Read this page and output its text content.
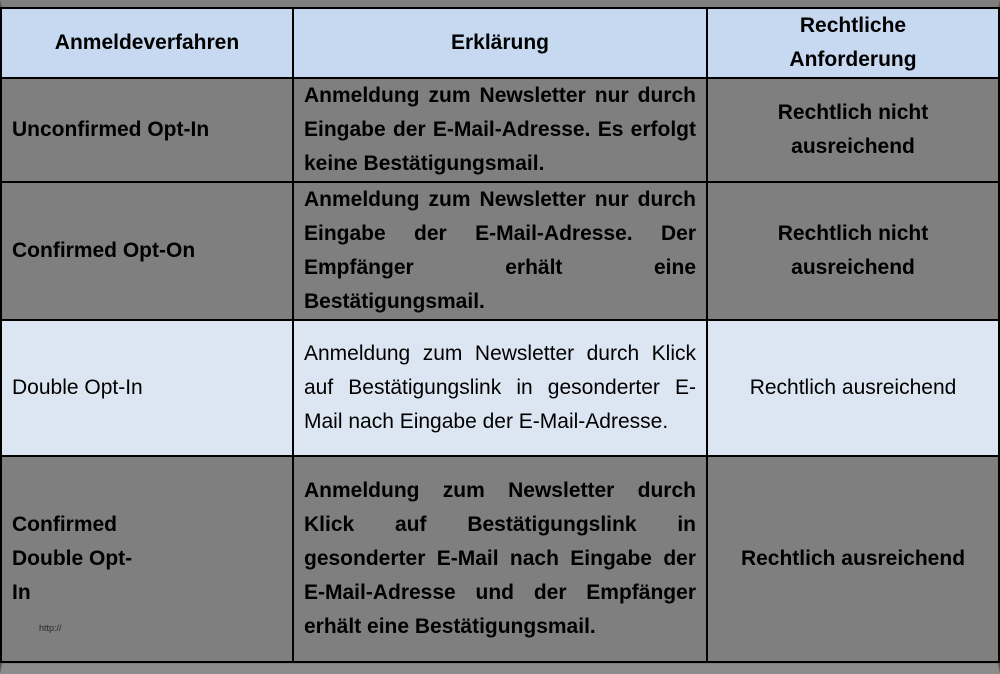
Anmeldeverfahren	Erklärung	Rechtliche Anforderung
Unconfirmed Opt-In	Anmeldung zum Newsletter nur durch Eingabe der E-Mail-Adresse. Es erfolgt keine Bestätigungsmail.	Rechtlich nicht ausreichend
Confirmed Opt-On	Anmeldung zum Newsletter nur durch Eingabe der E-Mail-Adresse. Der Empfänger erhält eine Bestätigungsmail.	Rechtlich nicht ausreichend
Double Opt-In	Anmeldung zum Newsletter durch Klick auf Bestätigungslink in gesonderter E-Mail nach Eingabe der E-Mail-Adresse.	Rechtlich ausreichend
Confirmed Double Opt-In	Anmeldung zum Newsletter durch Klick auf Bestätigungslink in gesonderter E-Mail nach Eingabe der E-Mail-Adresse und der Empfänger erhält eine Bestätigungsmail.	Rechtlich ausreichend
http://
